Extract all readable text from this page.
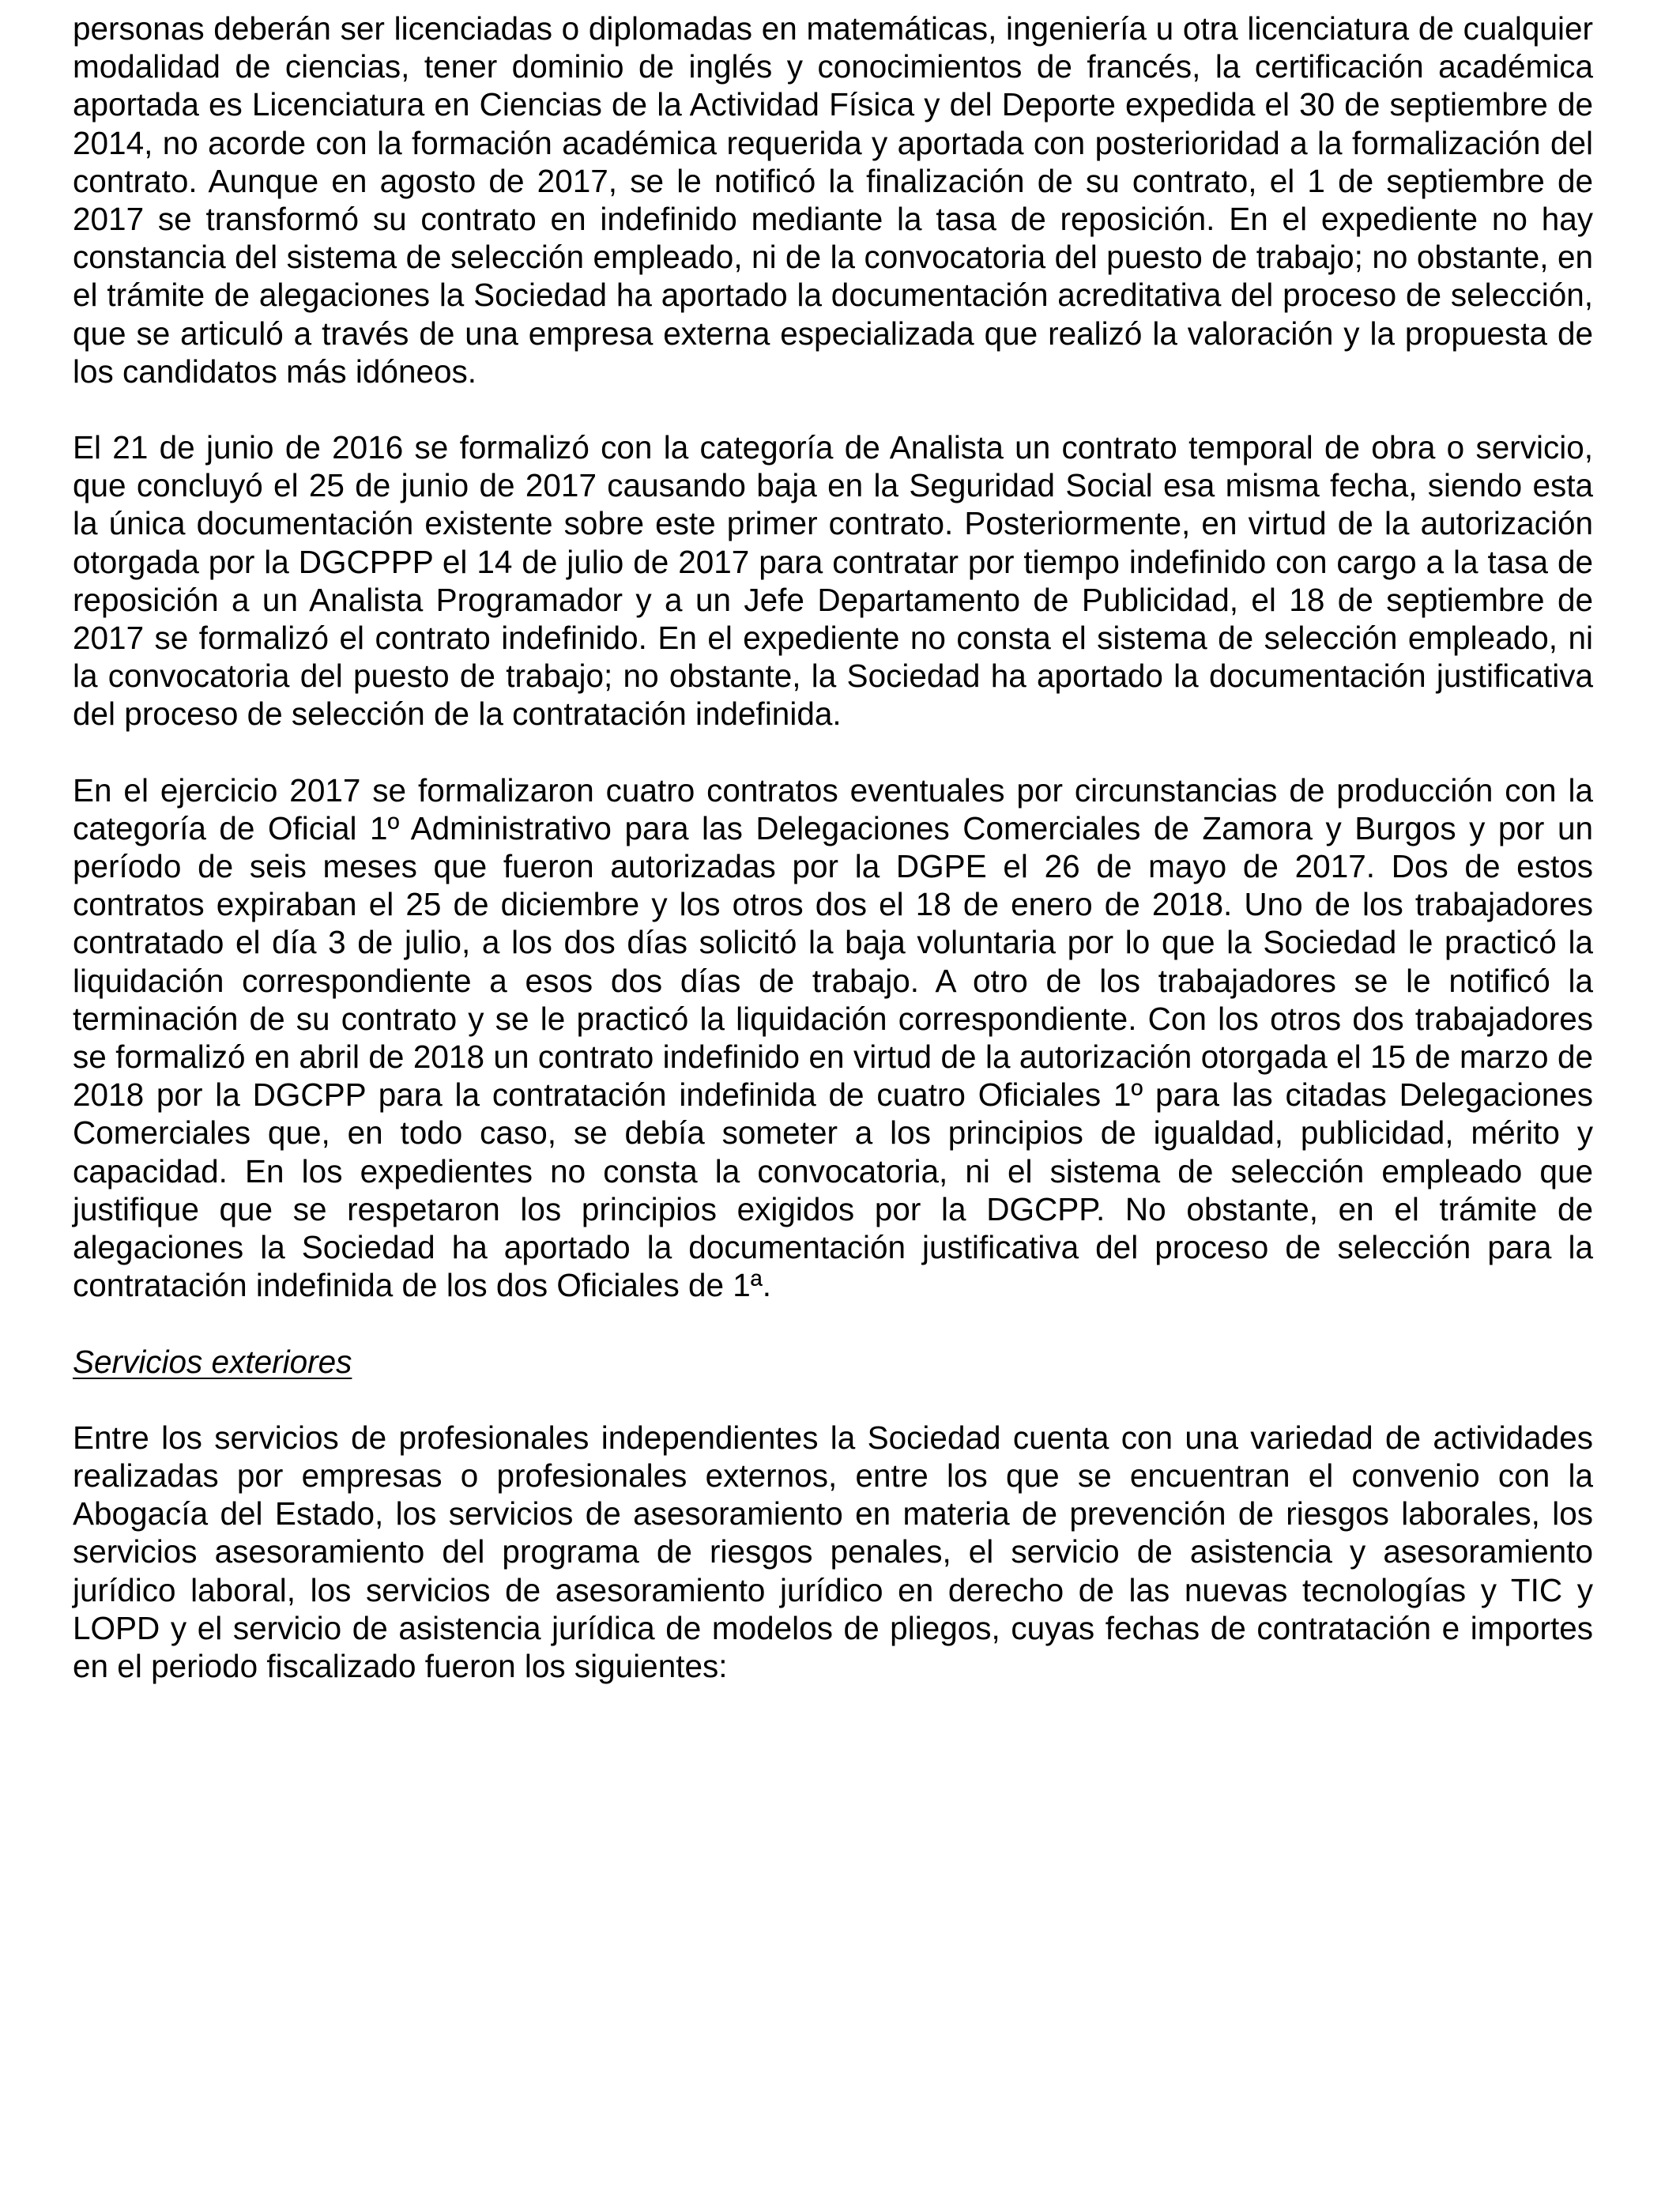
personas deberán ser licenciadas o diplomadas en matemáticas, ingeniería u otra licenciatura de cualquier modalidad de ciencias, tener dominio de inglés y conocimientos de francés, la certificación académica aportada es Licenciatura en Ciencias de la Actividad Física y del Deporte expedida el 30 de septiembre de 2014, no acorde con la formación académica requerida y aportada con posterioridad a la formalización del contrato. Aunque en agosto de 2017, se le notificó la finalización de su contrato, el 1 de septiembre de 2017 se transformó su contrato en indefinido mediante la tasa de reposición. En el expediente no hay constancia del sistema de selección empleado, ni de la convocatoria del puesto de trabajo; no obstante, en el trámite de alegaciones la Sociedad ha aportado la documentación acreditativa del proceso de selección, que se articuló a través de una empresa externa especializada que realizó la valoración y la propuesta de los candidatos más idóneos.

El 21 de junio de 2016 se formalizó con la categoría de Analista un contrato temporal de obra o servicio, que concluyó el 25 de junio de 2017 causando baja en la Seguridad Social esa misma fecha, siendo esta la única documentación existente sobre este primer contrato. Posteriormente, en virtud de la autorización otorgada por la DGCPPP el 14 de julio de 2017 para contratar por tiempo indefinido con cargo a la tasa de reposición a un Analista Programador y a un Jefe Departamento de Publicidad, el 18 de septiembre de 2017 se formalizó el contrato indefinido. En el expediente no consta el sistema de selección empleado, ni la convocatoria del puesto de trabajo; no obstante, la Sociedad ha aportado la documentación justificativa del proceso de selección de la contratación indefinida.

En el ejercicio 2017 se formalizaron cuatro contratos eventuales por circunstancias de producción con la categoría de Oficial 1º Administrativo para las Delegaciones Comerciales de Zamora y Burgos y por un período de seis meses que fueron autorizadas por la DGPE el 26 de mayo de 2017. Dos de estos contratos expiraban el 25 de diciembre y los otros dos el 18 de enero de 2018. Uno de los trabajadores contratado el día 3 de julio, a los dos días solicitó la baja voluntaria por lo que la Sociedad le practicó la liquidación correspondiente a esos dos días de trabajo. A otro de los trabajadores se le notificó la terminación de su contrato y se le practicó la liquidación correspondiente. Con los otros dos trabajadores se formalizó en abril de 2018 un contrato indefinido en virtud de la autorización otorgada el 15 de marzo de 2018 por la DGCPP para la contratación indefinida de cuatro Oficiales 1º para las citadas Delegaciones Comerciales que, en todo caso, se debía someter a los principios de igualdad, publicidad, mérito y capacidad. En los expedientes no consta la convocatoria, ni el sistema de selección empleado que justifique que se respetaron los principios exigidos por la DGCPP. No obstante, en el trámite de alegaciones la Sociedad ha aportado la documentación justificativa del proceso de selección para la contratación indefinida de los dos Oficiales de 1ª.

Servicios exteriores

Entre los servicios de profesionales independientes la Sociedad cuenta con una variedad de actividades realizadas por empresas o profesionales externos, entre los que se encuentran el convenio con la Abogacía del Estado, los servicios de asesoramiento en materia de prevención de riesgos laborales, los servicios asesoramiento del programa de riesgos penales, el servicio de asistencia y asesoramiento jurídico laboral, los servicios de asesoramiento jurídico en derecho de las nuevas tecnologías y TIC y LOPD y el servicio de asistencia jurídica de modelos de pliegos, cuyas fechas de contratación e importes en el periodo fiscalizado fueron los siguientes:
